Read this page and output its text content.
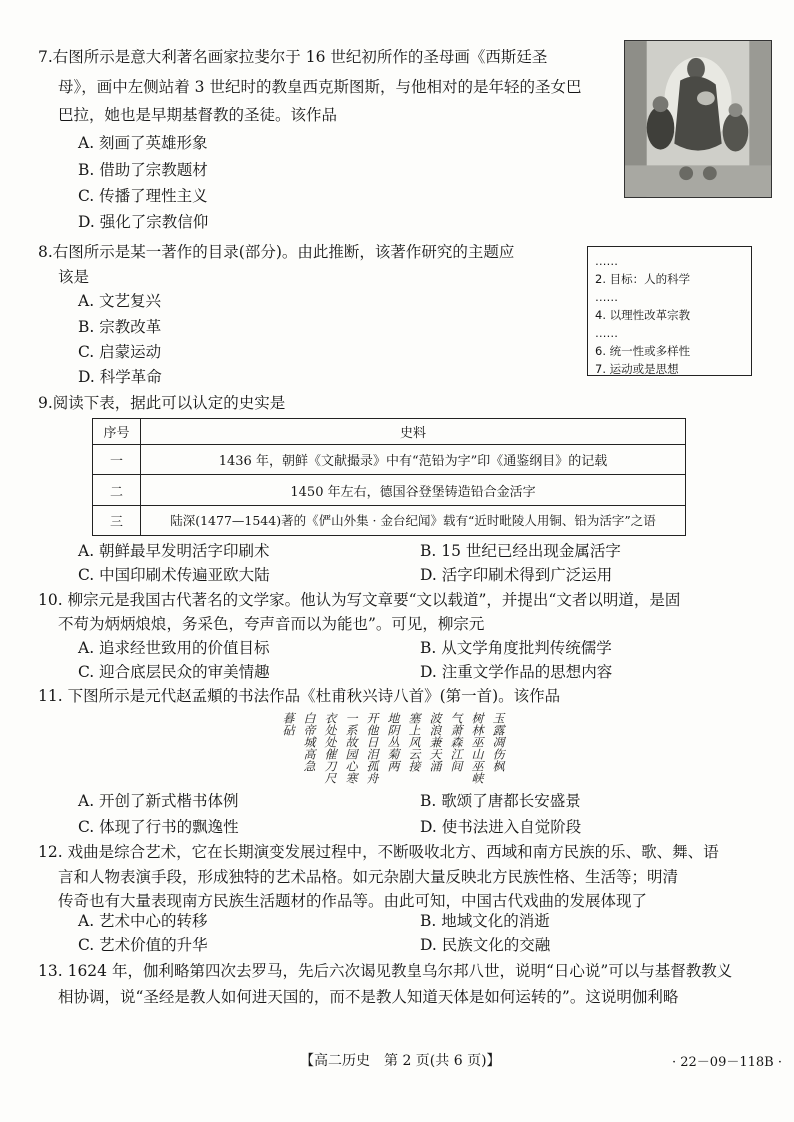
7.右图所示是意大利著名画家拉斐尔于 16 世纪初所作的圣母画《西斯廷圣
母》，画中左侧站着 3 世纪时的教皇西克斯图斯，与他相对的是年轻的圣女巴
巴拉，她也是早期基督教的圣徒。该作品
A. 刻画了英雄形象
B. 借助了宗教题材
C. 传播了理性主义
D. 强化了宗教信仰
8.右图所示是某一著作的目录(部分)。由此推断，该著作研究的主题应
该是
A. 文艺复兴
B. 宗教改革
C. 启蒙运动
D. 科学革命
……
2. 目标：人的科学
……
4. 以理性改革宗教
……
6. 统一性或多样性
7. 运动或是思想
9.阅读下表，据此可以认定的史实是
序号	史料
一	1436 年，朝鲜《文献撮录》中有“范铅为字”印《通鉴纲目》的记载
二	1450 年左右，德国谷登堡铸造铅合金活字
三	陆深(1477—1544)著的《俨山外集 · 金台纪闻》载有“近时毗陵人用铜、铅为活字”之语
A. 朝鲜最早发明活字印刷术	B. 15 世纪已经出现金属活字
C. 中国印刷术传遍亚欧大陆	D. 活字印刷术得到广泛运用
10. 柳宗元是我国古代著名的文学家。他认为写文章要“文以载道”，并提出“文者以明道，是固
不苟为炳炳烺烺，务采色，夸声音而以为能也”。可见，柳宗元
A. 追求经世致用的价值目标	B. 从文学角度批判传统儒学
C. 迎合底层民众的审美情趣	D. 注重文学作品的思想内容
11. 下图所示是元代赵孟頫的书法作品《杜甫秋兴诗八首》(第一首)。该作品
玉露凋伤枫
树林巫山巫峡
气萧森江间
波浪兼天涌
塞上风云接
地阴丛菊两
开他日泪孤舟
一系故园心寒
衣处处催刀尺
白帝城高急
暮砧
A. 开创了新式楷书体例	B. 歌颂了唐都长安盛景
C. 体现了行书的飘逸性	D. 使书法进入自觉阶段
12. 戏曲是综合艺术，它在长期演变发展过程中，不断吸收北方、西域和南方民族的乐、歌、舞、语
言和人物表演手段，形成独特的艺术品格。如元杂剧大量反映北方民族性格、生活等；明清
传奇也有大量表现南方民族生活题材的作品等。由此可知，中国古代戏曲的发展体现了
A. 艺术中心的转移	B. 地域文化的消逝
C. 艺术价值的升华	D. 民族文化的交融
13. 1624 年，伽利略第四次去罗马，先后六次谒见教皇乌尔邦八世，说明“日心说”可以与基督教教义
相协调，说“圣经是教人如何进天国的，而不是教人知道天体是如何运转的”。这说明伽利略
【高二历史　第 2 页(共 6 页)】	· 22－09－118B ·
